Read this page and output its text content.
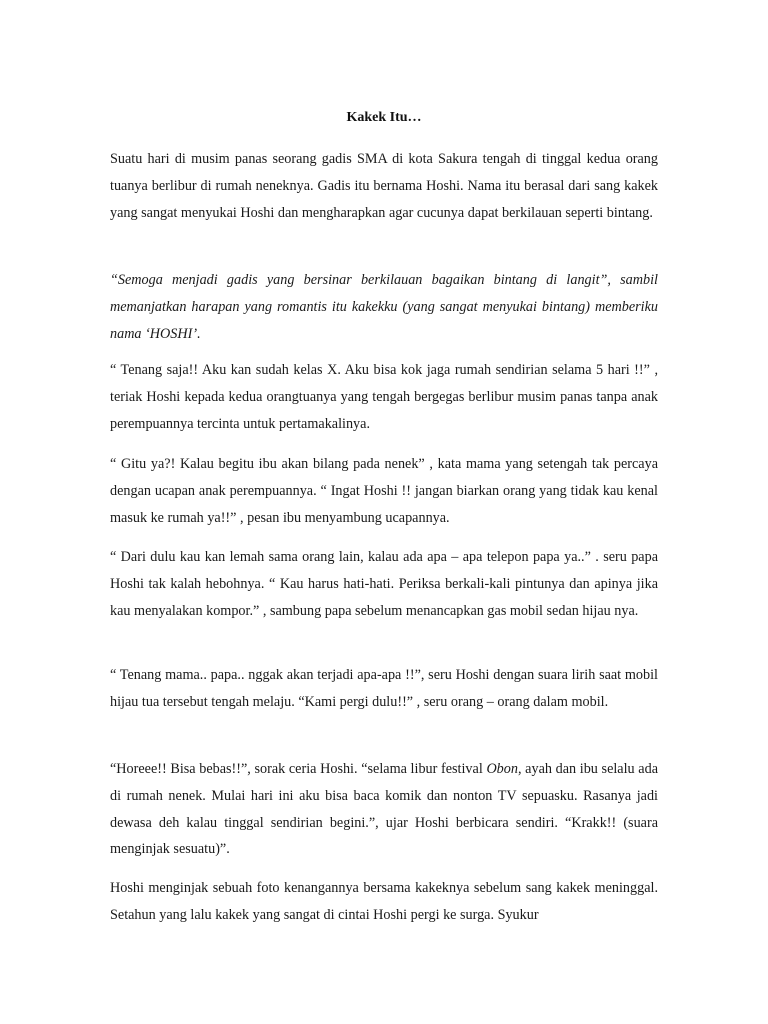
Kakek Itu…

Suatu hari di musim panas seorang gadis SMA di kota Sakura tengah di tinggal kedua orang tuanya berlibur di rumah neneknya. Gadis itu bernama Hoshi. Nama itu berasal dari sang kakek yang sangat menyukai Hoshi dan mengharapkan agar cucunya dapat berkilauan seperti bintang.

“Semoga menjadi gadis yang bersinar berkilauan bagaikan bintang di langit”, sambil memanjatkan harapan yang romantis itu kakekku (yang sangat menyukai bintang) memberiku nama ‘HOSHI’.

“ Tenang saja!! Aku kan sudah kelas X. Aku bisa kok jaga rumah sendirian selama 5 hari !!” , teriak Hoshi kepada kedua orangtuanya yang tengah bergegas berlibur musim panas tanpa anak perempuannya tercinta untuk pertamakalinya.

“ Gitu ya?! Kalau begitu ibu akan bilang pada nenek” , kata mama yang setengah tak percaya dengan ucapan anak perempuannya. “ Ingat Hoshi !! jangan biarkan orang yang tidak kau kenal masuk ke rumah ya!!” , pesan ibu menyambung ucapannya.

“ Dari dulu kau kan lemah sama orang lain, kalau ada apa – apa telepon papa ya..” . seru papa Hoshi tak kalah hebohnya. “ Kau harus hati-hati. Periksa berkali-kali pintunya dan apinya jika kau menyalakan kompor.” , sambung papa sebelum menancapkan gas mobil sedan hijau nya.

“ Tenang mama.. papa.. nggak akan terjadi apa-apa !!”, seru Hoshi dengan suara lirih saat mobil hijau tua tersebut tengah melaju. “Kami pergi dulu!!” , seru orang – orang dalam mobil.

“Horeee!! Bisa bebas!!”, sorak ceria Hoshi. “selama libur festival Obon, ayah dan ibu selalu ada di rumah nenek. Mulai hari ini aku bisa baca komik dan nonton TV sepuasku. Rasanya jadi dewasa deh kalau tinggal sendirian begini.”, ujar Hoshi berbicara sendiri. “Krakk!! (suara menginjak sesuatu)”.

Hoshi menginjak sebuah foto kenangannya bersama kakeknya sebelum sang kakek meninggal. Setahun yang lalu kakek yang sangat di cintai Hoshi pergi ke surga. Syukur
